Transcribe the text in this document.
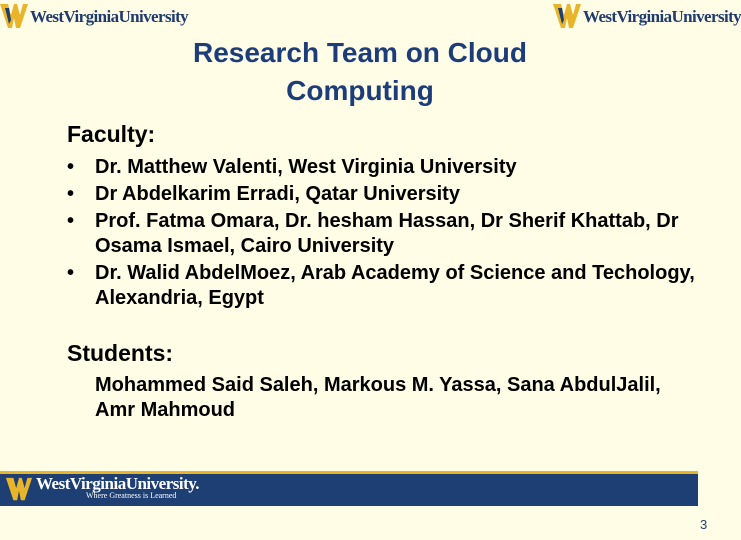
WestVirginiaUniversity	WestVirginiaUniversity
Research Team on Cloud Computing
Faculty:
•	Dr. Matthew Valenti, West Virginia University
•	Dr Abdelkarim Erradi, Qatar University
•	Prof. Fatma Omara, Dr. hesham Hassan, Dr Sherif Khattab, Dr Osama Ismael, Cairo University
•	Dr. Walid AbdelMoez, Arab Academy of Science and Techology, Alexandria, Egypt
Students:
Mohammed Said Saleh, Markous M. Yassa, Sana AbdulJalil, Amr Mahmoud
WestVirginiaUniversity.
Where Greatness is Learned
3
